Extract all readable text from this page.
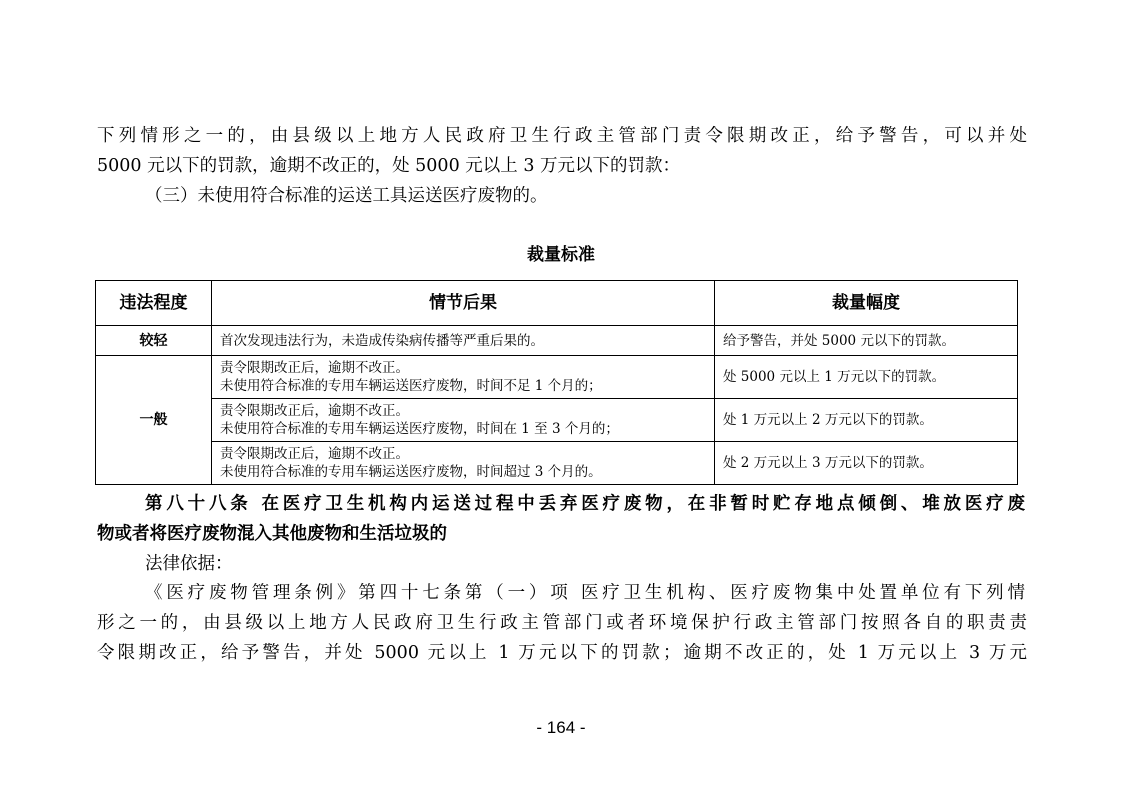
下列情形之一的，由县级以上地方人民政府卫生行政主管部门责令限期改正，给予警告，可以并处

5000 元以下的罚款，逾期不改正的，处 5000 元以上 3 万元以下的罚款：

（三）未使用符合标准的运送工具运送医疗废物的。

裁量标准
违法程度	情节后果	裁量幅度
较轻	首次发现违法行为，未造成传染病传播等严重后果的。	给予警告，并处 5000 元以下的罚款。
一般	责令限期改正后，逾期不改正。
未使用符合标准的专用车辆运送医疗废物，时间不足 1 个月的；	处 5000 元以上 1 万元以下的罚款。

	责令限期改正后，逾期不改正。
未使用符合标准的专用车辆运送医疗废物，时间在 1 至 3 个月的；	处 1 万元以上 2 万元以下的罚款。

	责令限期改正后，逾期不改正。
未使用符合标准的专用车辆运送医疗废物，时间超过 3 个月的。	处 2 万元以上 3 万元以下的罚款。

第八十八条 在医疗卫生机构内运送过程中丢弃医疗废物，在非暂时贮存地点倾倒、堆放医疗废

物或者将医疗废物混入其他废物和生活垃圾的

法律依据：

《医疗废物管理条例》第四十七条第（一）项 医疗卫生机构、医疗废物集中处置单位有下列情

形之一的，由县级以上地方人民政府卫生行政主管部门或者环境保护行政主管部门按照各自的职责责

令限期改正，给予警告，并处 5000 元以上 1 万元以下的罚款；逾期不改正的，处 1 万元以上 3 万元

- 164 -
